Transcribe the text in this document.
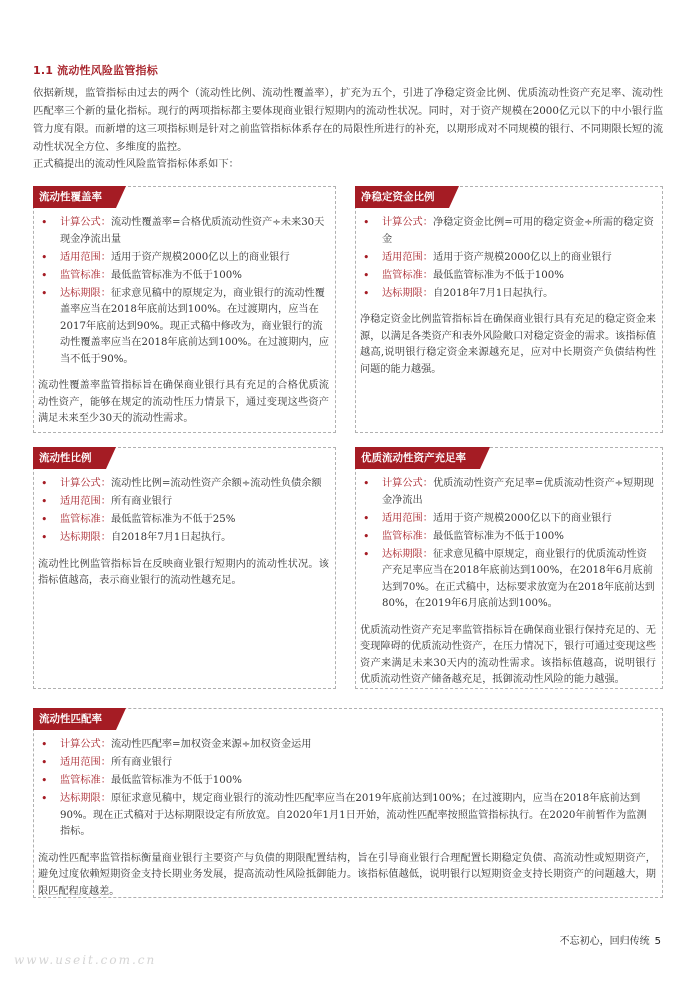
1.1 流动性风险监管指标

依据新规，监管指标由过去的两个（流动性比例、流动性覆盖率），扩充为五个，引进了净稳定资金比例、优质流动性资产充足率、流动性匹配率三个新的量化指标。现行的两项指标都主要体现商业银行短期内的流动性状况。同时，对于资产规模在2000亿元以下的中小银行监管力度有限。而新增的这三项指标则是针对之前监管指标体系存在的局限性所进行的补充，以期形成对不同规模的银行、不同期限长短的流动性状况全方位、多维度的监控。

正式稿提出的流动性风险监管指标体系如下：

流动性覆盖率
• 计算公式：流动性覆盖率=合格优质流动性资产÷未来30天现金净流出量
• 适用范围：适用于资产规模2000亿以上的商业银行
• 监管标准：最低监管标准为不低于100%
• 达标期限：征求意见稿中的原规定为，商业银行的流动性覆盖率应当在2018年底前达到100%。在过渡期内，应当在2017年底前达到90%。现正式稿中修改为，商业银行的流动性覆盖率应当在2018年底前达到100%。在过渡期内，应当不低于90%。

流动性覆盖率监管指标旨在确保商业银行具有充足的合格优质流动性资产，能够在规定的流动性压力情景下，通过变现这些资产满足未来至少30天的流动性需求。

净稳定资金比例
• 计算公式：净稳定资金比例=可用的稳定资金÷所需的稳定资金
• 适用范围：适用于资产规模2000亿以上的商业银行
• 监管标准：最低监管标准为不低于100%
• 达标期限：自2018年7月1日起执行。

净稳定资金比例监管指标旨在确保商业银行具有充足的稳定资金来源，以满足各类资产和表外风险敞口对稳定资金的需求。该指标值越高,说明银行稳定资金来源越充足，应对中长期资产负债结构性问题的能力越强。

流动性比例
• 计算公式：流动性比例=流动性资产余额÷流动性负债余额
• 适用范围：所有商业银行
• 监管标准：最低监管标准为不低于25%
• 达标期限：自2018年7月1日起执行。

流动性比例监管指标旨在反映商业银行短期内的流动性状况。该指标值越高，表示商业银行的流动性越充足。

优质流动性资产充足率
• 计算公式：优质流动性资产充足率=优质流动性资产÷短期现金净流出
• 适用范围：适用于资产规模2000亿以下的商业银行
• 监管标准：最低监管标准为不低于100%
• 达标期限：征求意见稿中原规定，商业银行的优质流动性资产充足率应当在2018年底前达到100%，在2018年6月底前达到70%。在正式稿中，达标要求放宽为在2018年底前达到80%，在2019年6月底前达到100%。

优质流动性资产充足率监管指标旨在确保商业银行保持充足的、无变现障碍的优质流动性资产，在压力情况下，银行可通过变现这些资产来满足未来30天内的流动性需求。该指标值越高，说明银行优质流动性资产储备越充足，抵御流动性风险的能力越强。

流动性匹配率
• 计算公式：流动性匹配率=加权资金来源÷加权资金运用
• 适用范围：所有商业银行
• 监管标准：最低监管标准为不低于100%
• 达标期限：原征求意见稿中，规定商业银行的流动性匹配率应当在2019年底前达到100%；在过渡期内，应当在2018年底前达到90%。现在正式稿对于达标期限设定有所放宽。自2020年1月1日开始，流动性匹配率按照监管指标执行。在2020年前暂作为监测指标。

流动性匹配率监管指标衡量商业银行主要资产与负债的期限配置结构，旨在引导商业银行合理配置长期稳定负债、高流动性或短期资产，避免过度依赖短期资金支持长期业务发展，提高流动性风险抵御能力。该指标值越低，说明银行以短期资金支持长期资产的问题越大，期限匹配程度越差。

不忘初心，回归传统 5
www.useit.com.cn
